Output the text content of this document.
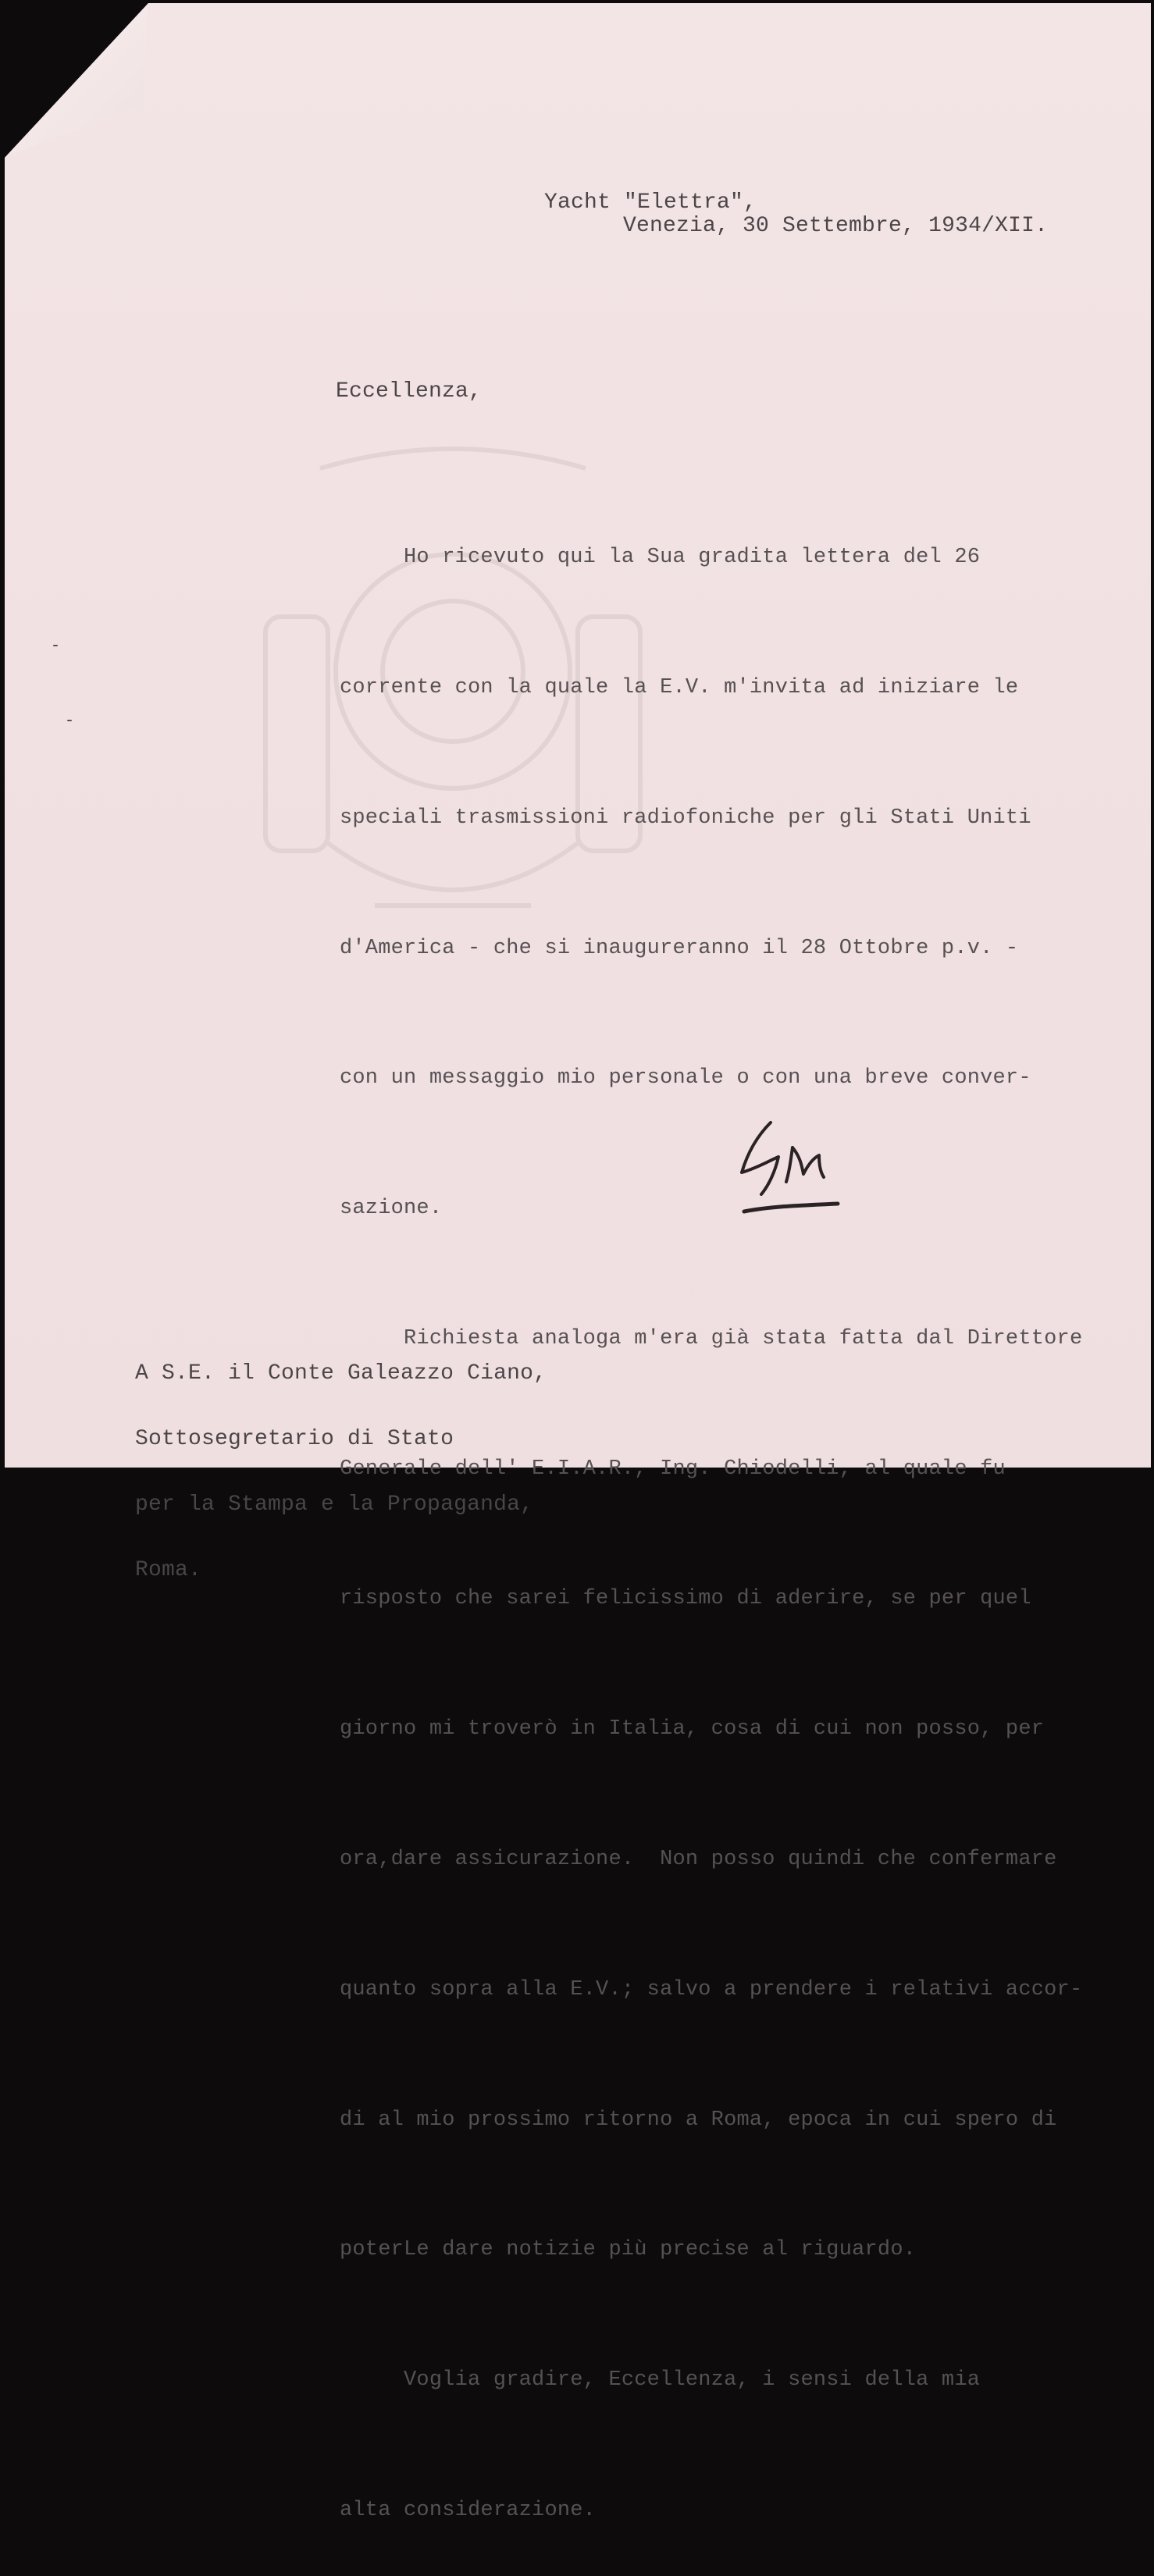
Yacht "Elettra",
Venezia, 30 Settembre, 1934/XII.
Eccellenza,

Ho ricevuto qui la Sua gradita lettera del 26

corrente con la quale la E.V. m'invita ad iniziare le

speciali trasmissioni radiofoniche per gli Stati Uniti

d'America - che si inaugureranno il 28 Ottobre p.v. -

con un messaggio mio personale o con una breve conver-

sazione.

Richiesta analoga m'era già stata fatta dal Direttore

Generale dell' E.I.A.R., Ing. Chiodelli, al quale fu

risposto che sarei felicissimo di aderire, se per quel

giorno mi troverò in Italia, cosa di cui non posso, per

ora,dare assicurazione.  Non posso quindi che confermare

quanto sopra alla E.V.; salvo a prendere i relativi accor-

di al mio prossimo ritorno a Roma, epoca in cui spero di

poterLe dare notizie più precise al riguardo.

Voglia gradire, Eccellenza, i sensi della mia

alta considerazione.

A S.E. il Conte Galeazzo Ciano,

Sottosegretario di Stato

per la Stampa e la Propaganda,

Roma.
